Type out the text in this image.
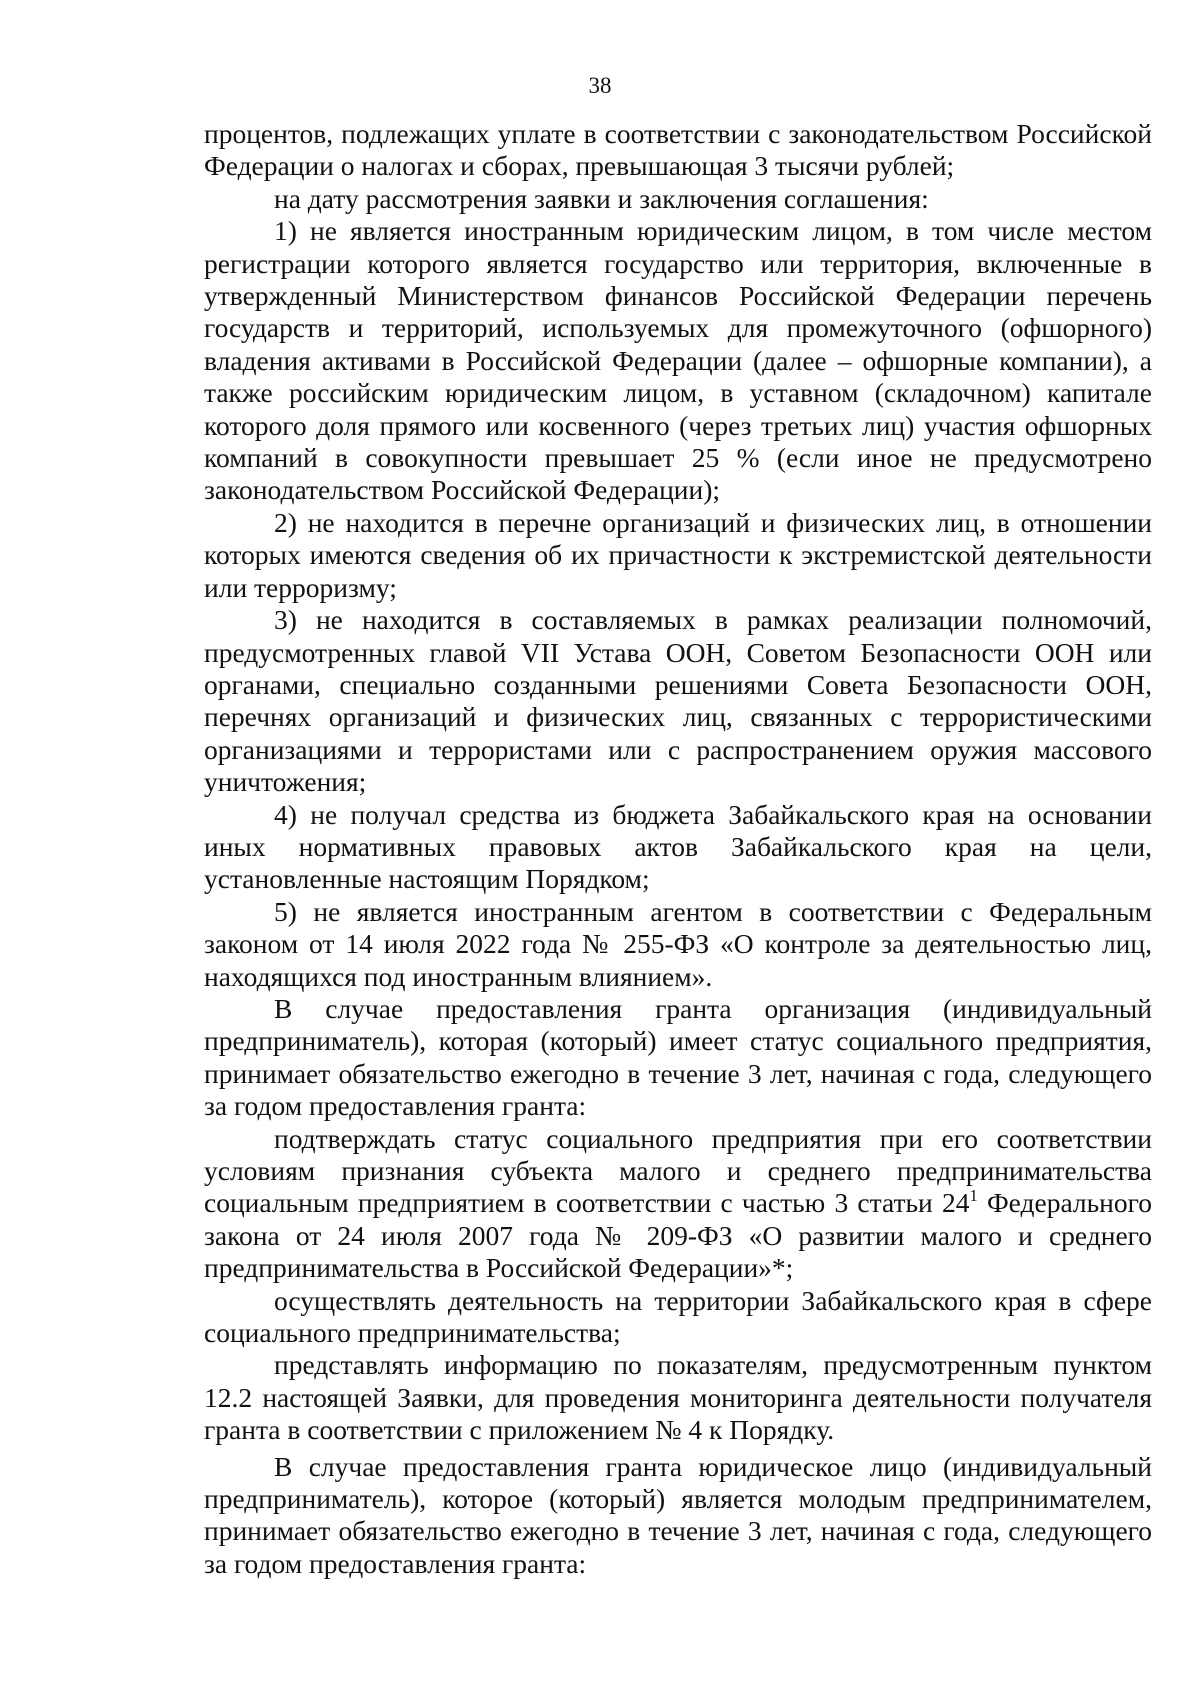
38

процентов, подлежащих уплате в соответствии с законодательством Российской Федерации о налогах и сборах, превышающая 3 тысячи рублей;

на дату рассмотрения заявки и заключения соглашения:

1) не является иностранным юридическим лицом, в том числе местом регистрации которого является государство или территория, включенные в утвержденный Министерством финансов Российской Федерации перечень государств и территорий, используемых для промежуточного (офшорного) владения активами в Российской Федерации (далее – офшорные компании), а также российским юридическим лицом, в уставном (складочном) капитале которого доля прямого или косвенного (через третьих лиц) участия офшорных компаний в совокупности превышает 25 % (если иное не предусмотрено законодательством Российской Федерации);

2) не находится в перечне организаций и физических лиц, в отношении которых имеются сведения об их причастности к экстремистской деятельности или терроризму;

3) не находится в составляемых в рамках реализации полномочий, предусмотренных главой VII Устава ООН, Советом Безопасности ООН или органами, специально созданными решениями Совета Безопасности ООН, перечнях организаций и физических лиц, связанных с террористическими организациями и террористами или с распространением оружия массового уничтожения;

4) не получал средства из бюджета Забайкальского края на основании иных нормативных правовых актов Забайкальского края на цели, установленные настоящим Порядком;

5) не является иностранным агентом в соответствии с Федеральным законом от 14 июля 2022 года № 255-ФЗ «О контроле за деятельностью лиц, находящихся под иностранным влиянием».

В случае предоставления гранта организация (индивидуальный предприниматель), которая (который) имеет статус социального предприятия, принимает обязательство ежегодно в течение 3 лет, начиная с года, следующего за годом предоставления гранта:

подтверждать статус социального предприятия при его соответствии условиям признания субъекта малого и среднего предпринимательства социальным предприятием в соответствии с частью 3 статьи $24^1$ Федерального закона от 24 июля 2007 года № 209-ФЗ «О развитии малого и среднего предпринимательства в Российской Федерации»*;

осуществлять деятельность на территории Забайкальского края в сфере социального предпринимательства;

представлять информацию по показателям, предусмотренным пунктом 12.2 настоящей Заявки, для проведения мониторинга деятельности получателя гранта в соответствии с приложением № 4 к Порядку.

В случае предоставления гранта юридическое лицо (индивидуальный предприниматель), которое (который) является молодым предпринимателем, принимает обязательство ежегодно в течение 3 лет, начиная с года, следующего за годом предоставления гранта:
